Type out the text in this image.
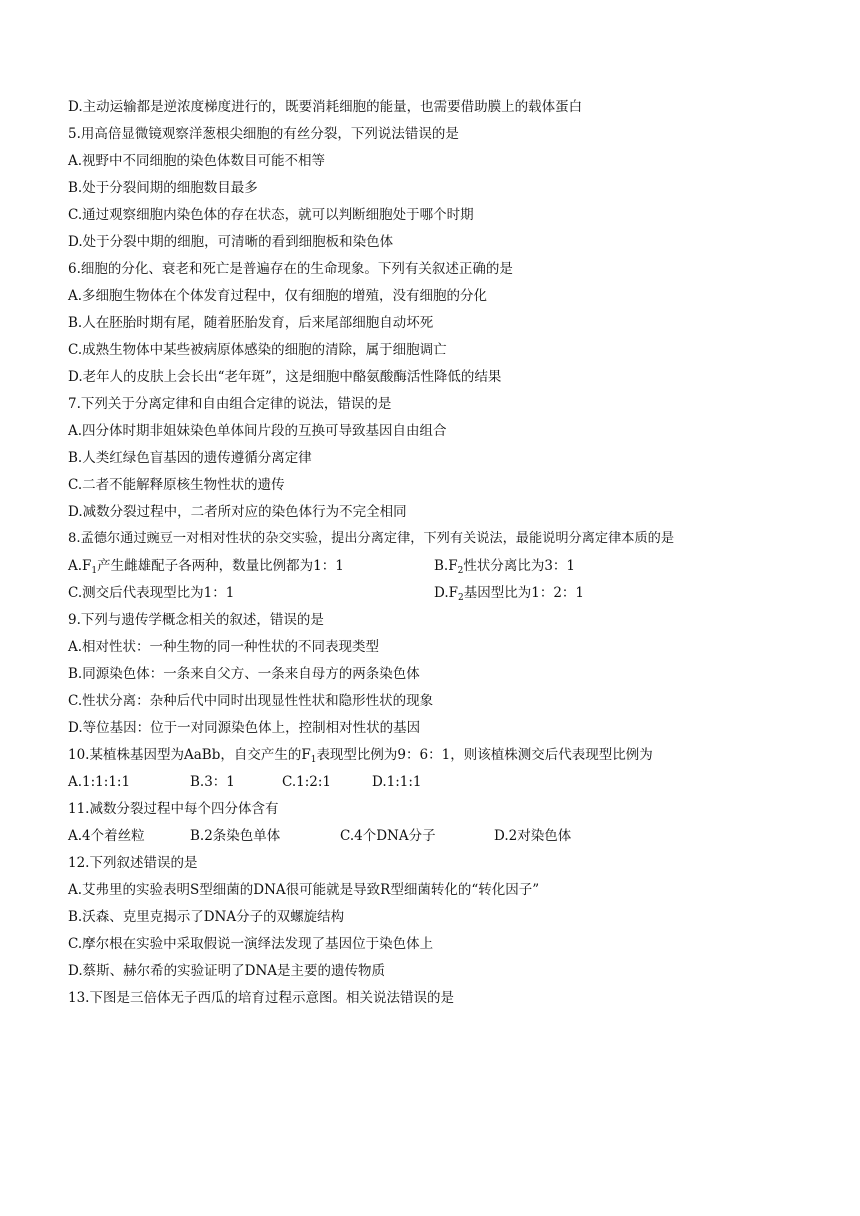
D.主动运输都是逆浓度梯度进行的，既要消耗细胞的能量，也需要借助膜上的载体蛋白
5.用高倍显微镜观察洋葱根尖细胞的有丝分裂，下列说法错误的是
A.视野中不同细胞的染色体数目可能不相等
B.处于分裂间期的细胞数目最多
C.通过观察细胞内染色体的存在状态，就可以判断细胞处于哪个时期
D.处于分裂中期的细胞，可清晰的看到细胞板和染色体
6.细胞的分化、衰老和死亡是普遍存在的生命现象。下列有关叙述正确的是
A.多细胞生物体在个体发育过程中，仅有细胞的增殖，没有细胞的分化
B.人在胚胎时期有尾，随着胚胎发育，后来尾部细胞自动坏死
C.成熟生物体中某些被病原体感染的细胞的清除，属于细胞调亡
D.老年人的皮肤上会长出“老年斑”，这是细胞中酪氨酸酶活性降低的结果
7.下列关于分离定律和自由组合定律的说法，错误的是
A.四分体时期非姐妹染色单体间片段的互换可导致基因自由组合
B.人类红绿色盲基因的遗传遵循分离定律
C.二者不能解释原核生物性状的遗传
D.减数分裂过程中，二者所对应的染色体行为不完全相同
8.孟德尔通过豌豆一对相对性状的杂交实验，提出分离定律，下列有关说法，最能说明分离定律本质的是
$A.F_1$产生雌雄配子各两种，数量比例都为1：1	$B.F_2$性状分离比为3：1
C.测交后代表现型比为1：1	$D.F_2$基因型比为1：2：1
9.下列与遗传学概念相关的叙述，错误的是
A.相对性状：一种生物的同一种性状的不同表现类型
B.同源染色体：一条来自父方、一条来自母方的两条染色体
C.性状分离：杂种后代中同时出现显性性状和隐形性状的现象
D.等位基因：位于一对同源染色体上，控制相对性状的基因
10.某植株基因型为AaBb，自交产生的$F_1$表现型比例为9：6：1，则该植株测交后代表现型比例为
A.1:1:1:1	B.3：1	C.1:2:1	D.1:1:1
11.减数分裂过程中每个四分体含有
A.4个着丝粒	B.2条染色单体	C.4个DNA分子	D.2对染色体
12.下列叙述错误的是
A.艾弗里的实验表明S型细菌的DNA很可能就是导致R型细菌转化的“转化因子”
B.沃森、克里克揭示了DNA分子的双螺旋结构
C.摩尔根在实验中采取假说一演绎法发现了基因位于染色体上
D.蔡斯、赫尔希的实验证明了DNA是主要的遗传物质
13.下图是三倍体无子西瓜的培育过程示意图。相关说法错误的是
